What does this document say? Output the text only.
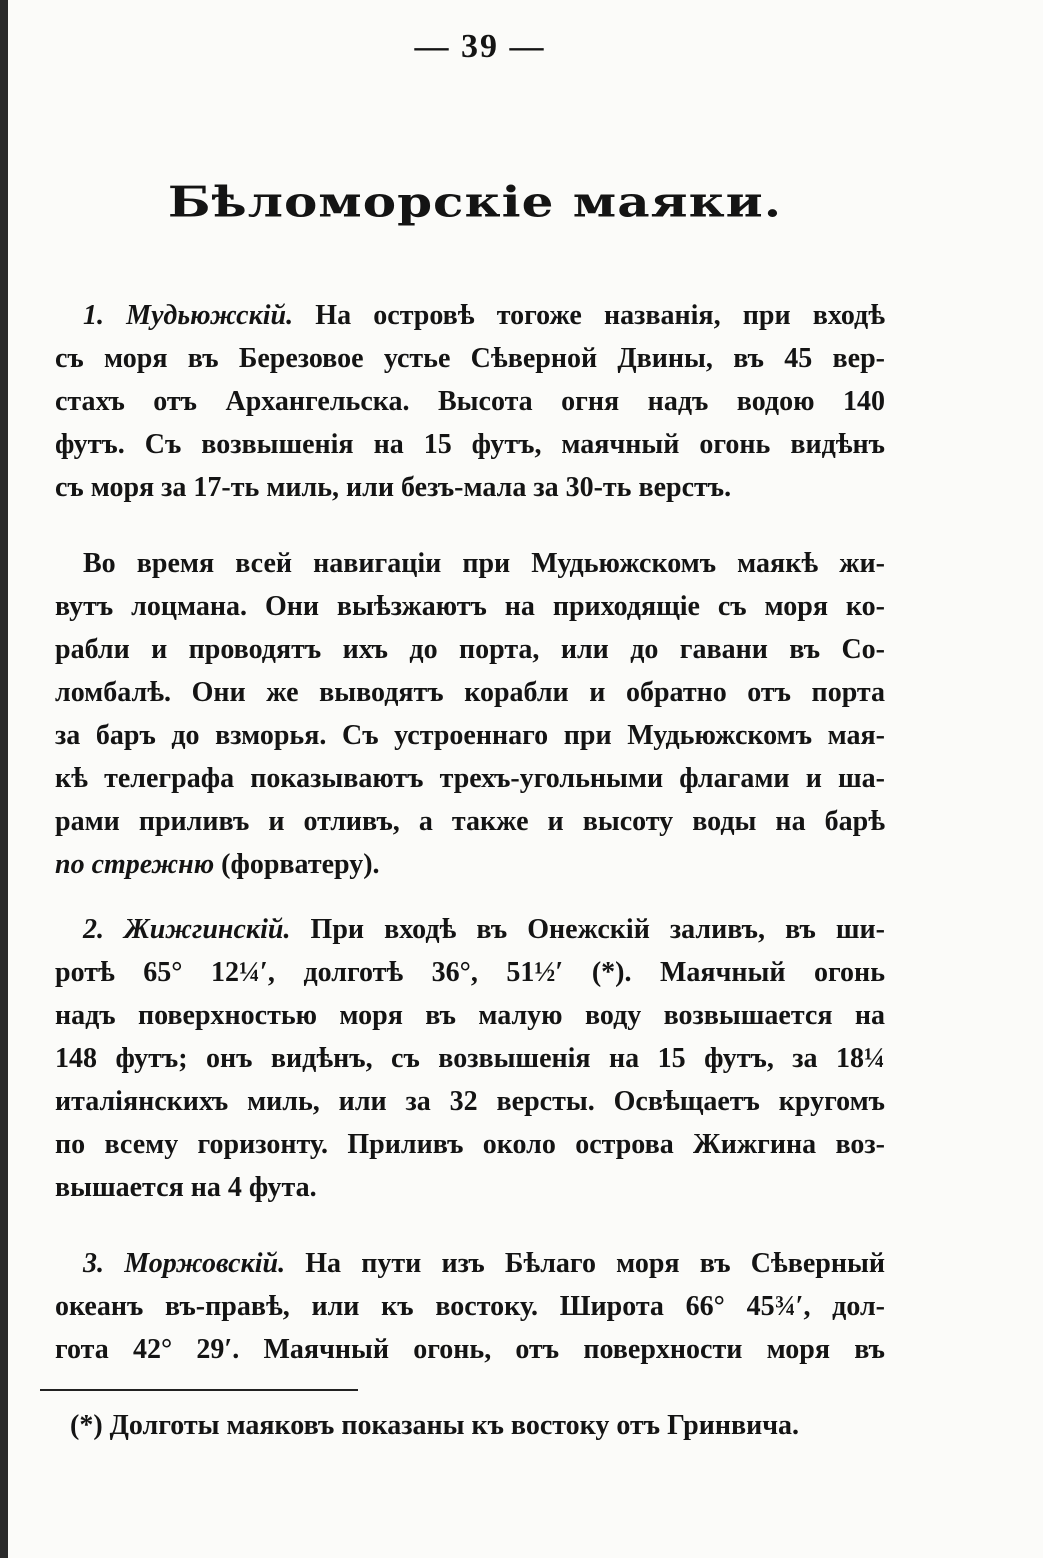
— 39 —
Бѣломорскіе маяки.
1. Мудьюжскій. На островѣ тогоже названія, при входѣ
съ моря въ Березовое устье Сѣверной Двины, въ 45 вер-
стахъ отъ Архангельска. Высота огня надъ водою 140
футъ. Съ возвышенія на 15 футъ, маячный огонь видѣнъ
съ моря за 17-ть миль, или безъ-мала за 30-ть верстъ.
Во время всей навигаціи при Мудьюжскомъ маякѣ жи-
вутъ лоцмана. Они выѣзжаютъ на приходящіе съ моря ко-
рабли и проводятъ ихъ до порта, или до гавани въ Со-
ломбалѣ. Они же выводятъ корабли и обратно отъ порта
за баръ до взморья. Съ устроеннаго при Мудьюжскомъ мая-
кѣ телеграфа показываютъ трехъ-угольными флагами и ша-
рами приливъ и отливъ, а также и высоту воды на барѣ
по стрежню (форватеру).
2. Жижгинскій. При входѣ въ Онежскій заливъ, въ ши-
ротѣ 65° 12¼′, долготѣ 36°, 51½′ (*). Маячный огонь
надъ поверхностью моря въ малую воду возвышается на
148 футъ; онъ видѣнъ, съ возвышенія на 15 футъ, за 18¼
италіянскихъ миль, или за 32 версты. Освѣщаетъ кругомъ
по всему горизонту. Приливъ около острова Жижгина воз-
вышается на 4 фута.
3. Моржовскій. На пути изъ Бѣлаго моря въ Сѣверный
океанъ въ-правѣ, или къ востоку. Широта 66° 45¾′, дол-
гота 42° 29′. Маячный огонь, отъ поверхности моря въ
(*) Долготы маяковъ показаны къ востоку отъ Гринвича.
